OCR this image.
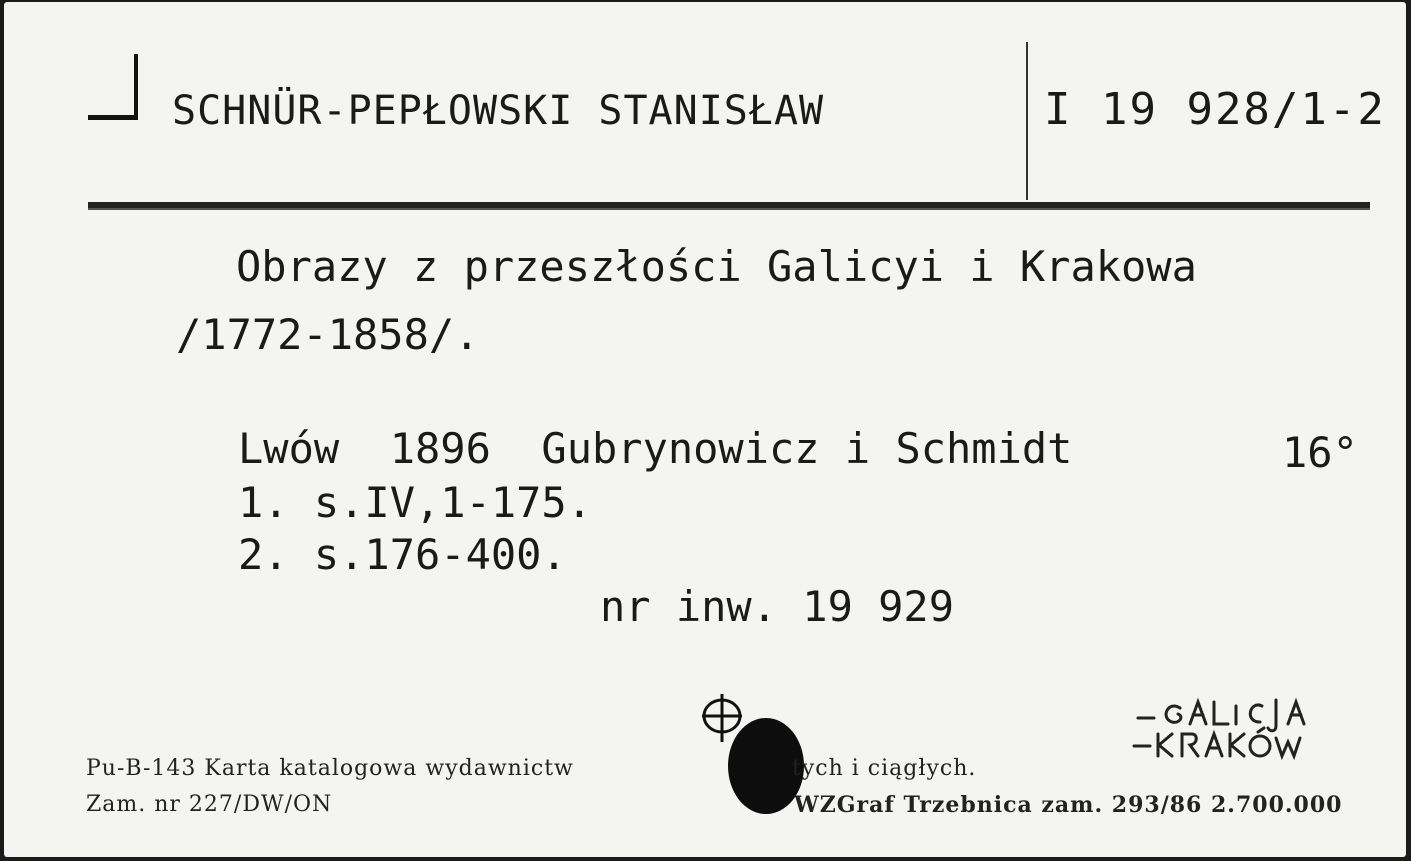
SCHNÜR-PEPŁOWSKI STANISŁAW	I 19 928/1-2
Obrazy z przeszłości Galicyi i Krakowa
/1772-1858/.
Lwów  1896  Gubrynowicz i Schmidt	16°
1. s.IV,1-175.
2. s.176-400.
nr inw. 19 929
Pu-B-143 Karta katalogowa wydawnictw	tych i ciągłych.
Zam. nr 227/DW/ON	WZGraf Trzebnica zam. 293/86 2.700.000
